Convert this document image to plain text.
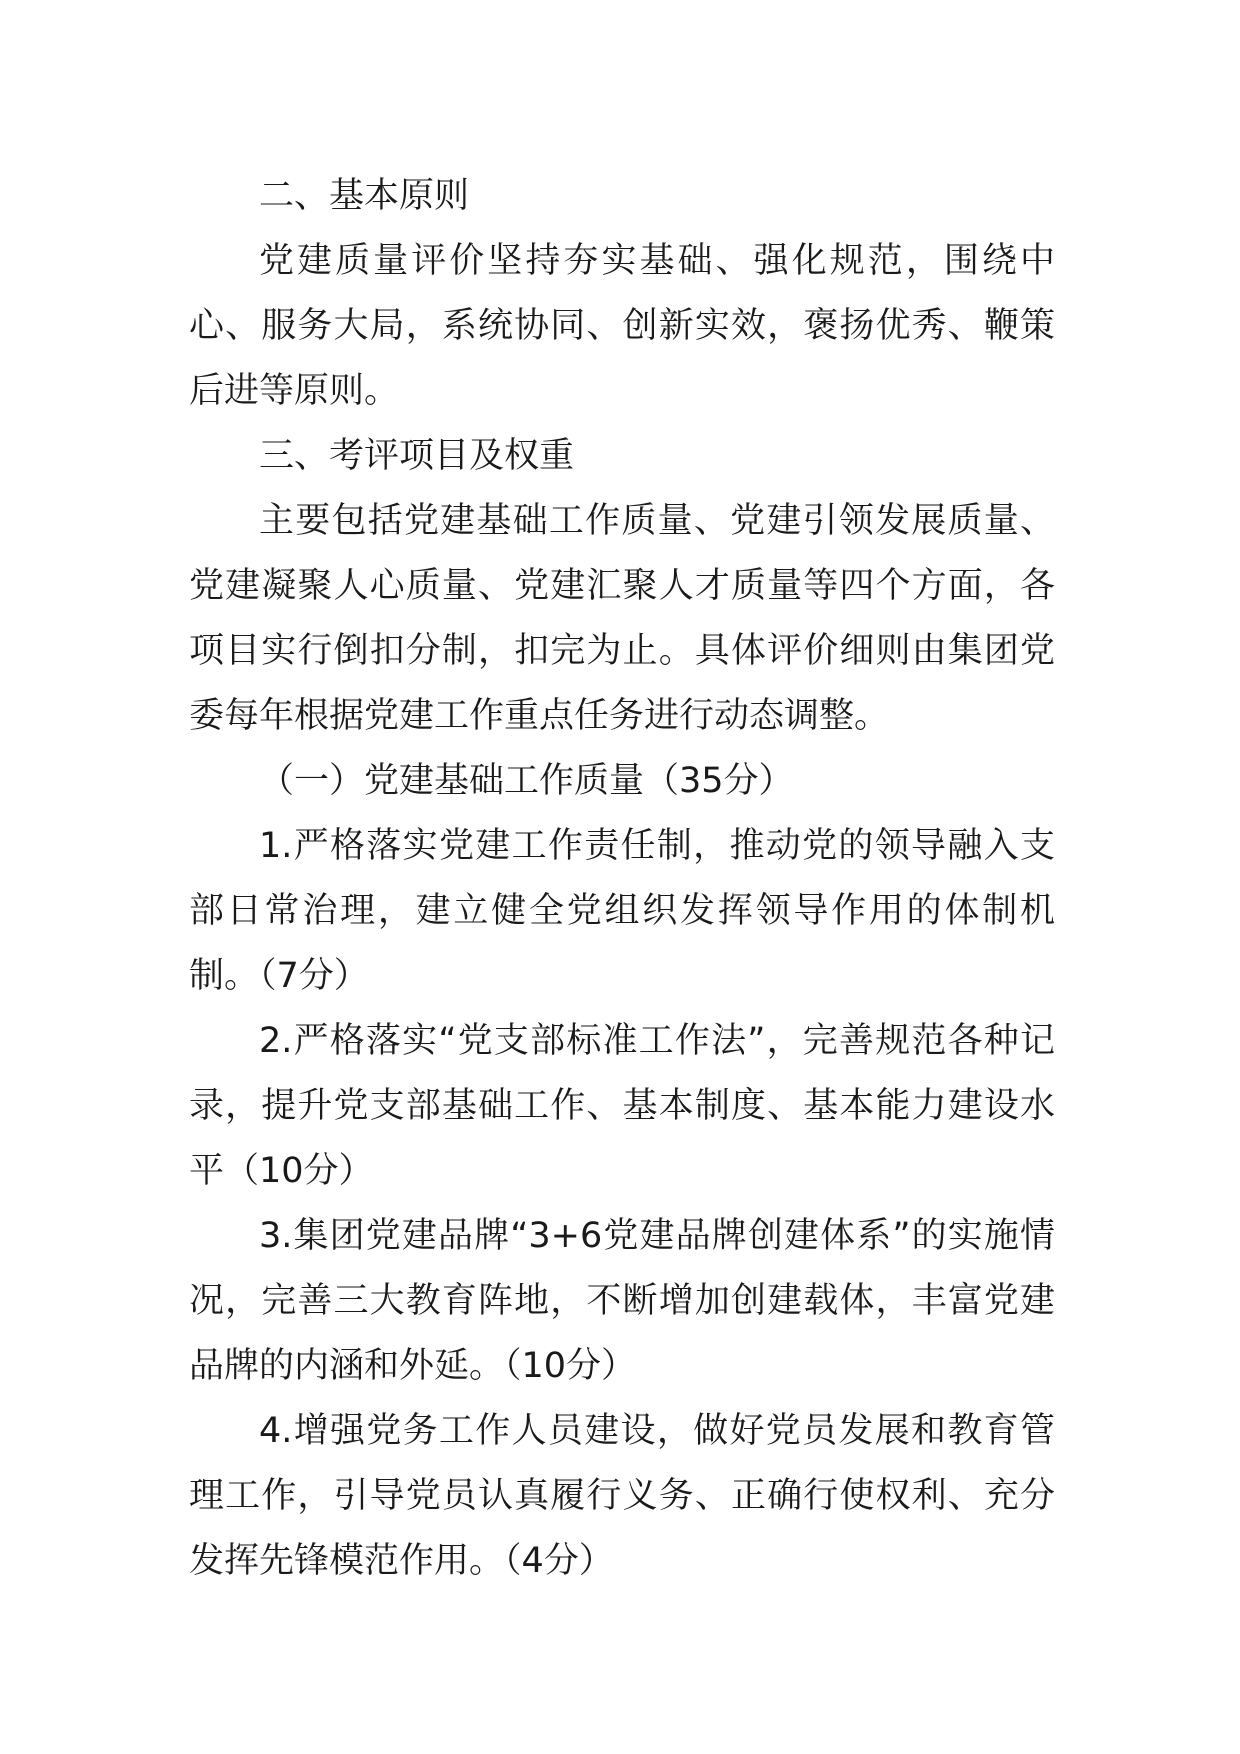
二、基本原则

党建质量评价坚持夯实基础、强化规范，围绕中心、服务大局，系统协同、创新实效，褒扬优秀、鞭策后进等原则。

三、考评项目及权重

主要包括党建基础工作质量、党建引领发展质量、党建凝聚人心质量、党建汇聚人才质量等四个方面，各项目实行倒扣分制，扣完为止。具体评价细则由集团党委每年根据党建工作重点任务进行动态调整。

（一）党建基础工作质量（35分）

1.严格落实党建工作责任制，推动党的领导融入支部日常治理，建立健全党组织发挥领导作用的体制机制。（7分）

2.严格落实“党支部标准工作法”，完善规范各种记录，提升党支部基础工作、基本制度、基本能力建设水平（10分）

3.集团党建品牌“3+6党建品牌创建体系”的实施情况，完善三大教育阵地，不断增加创建载体，丰富党建品牌的内涵和外延。（10分）

4.增强党务工作人员建设，做好党员发展和教育管理工作，引导党员认真履行义务、正确行使权利、充分发挥先锋模范作用。（4分）
